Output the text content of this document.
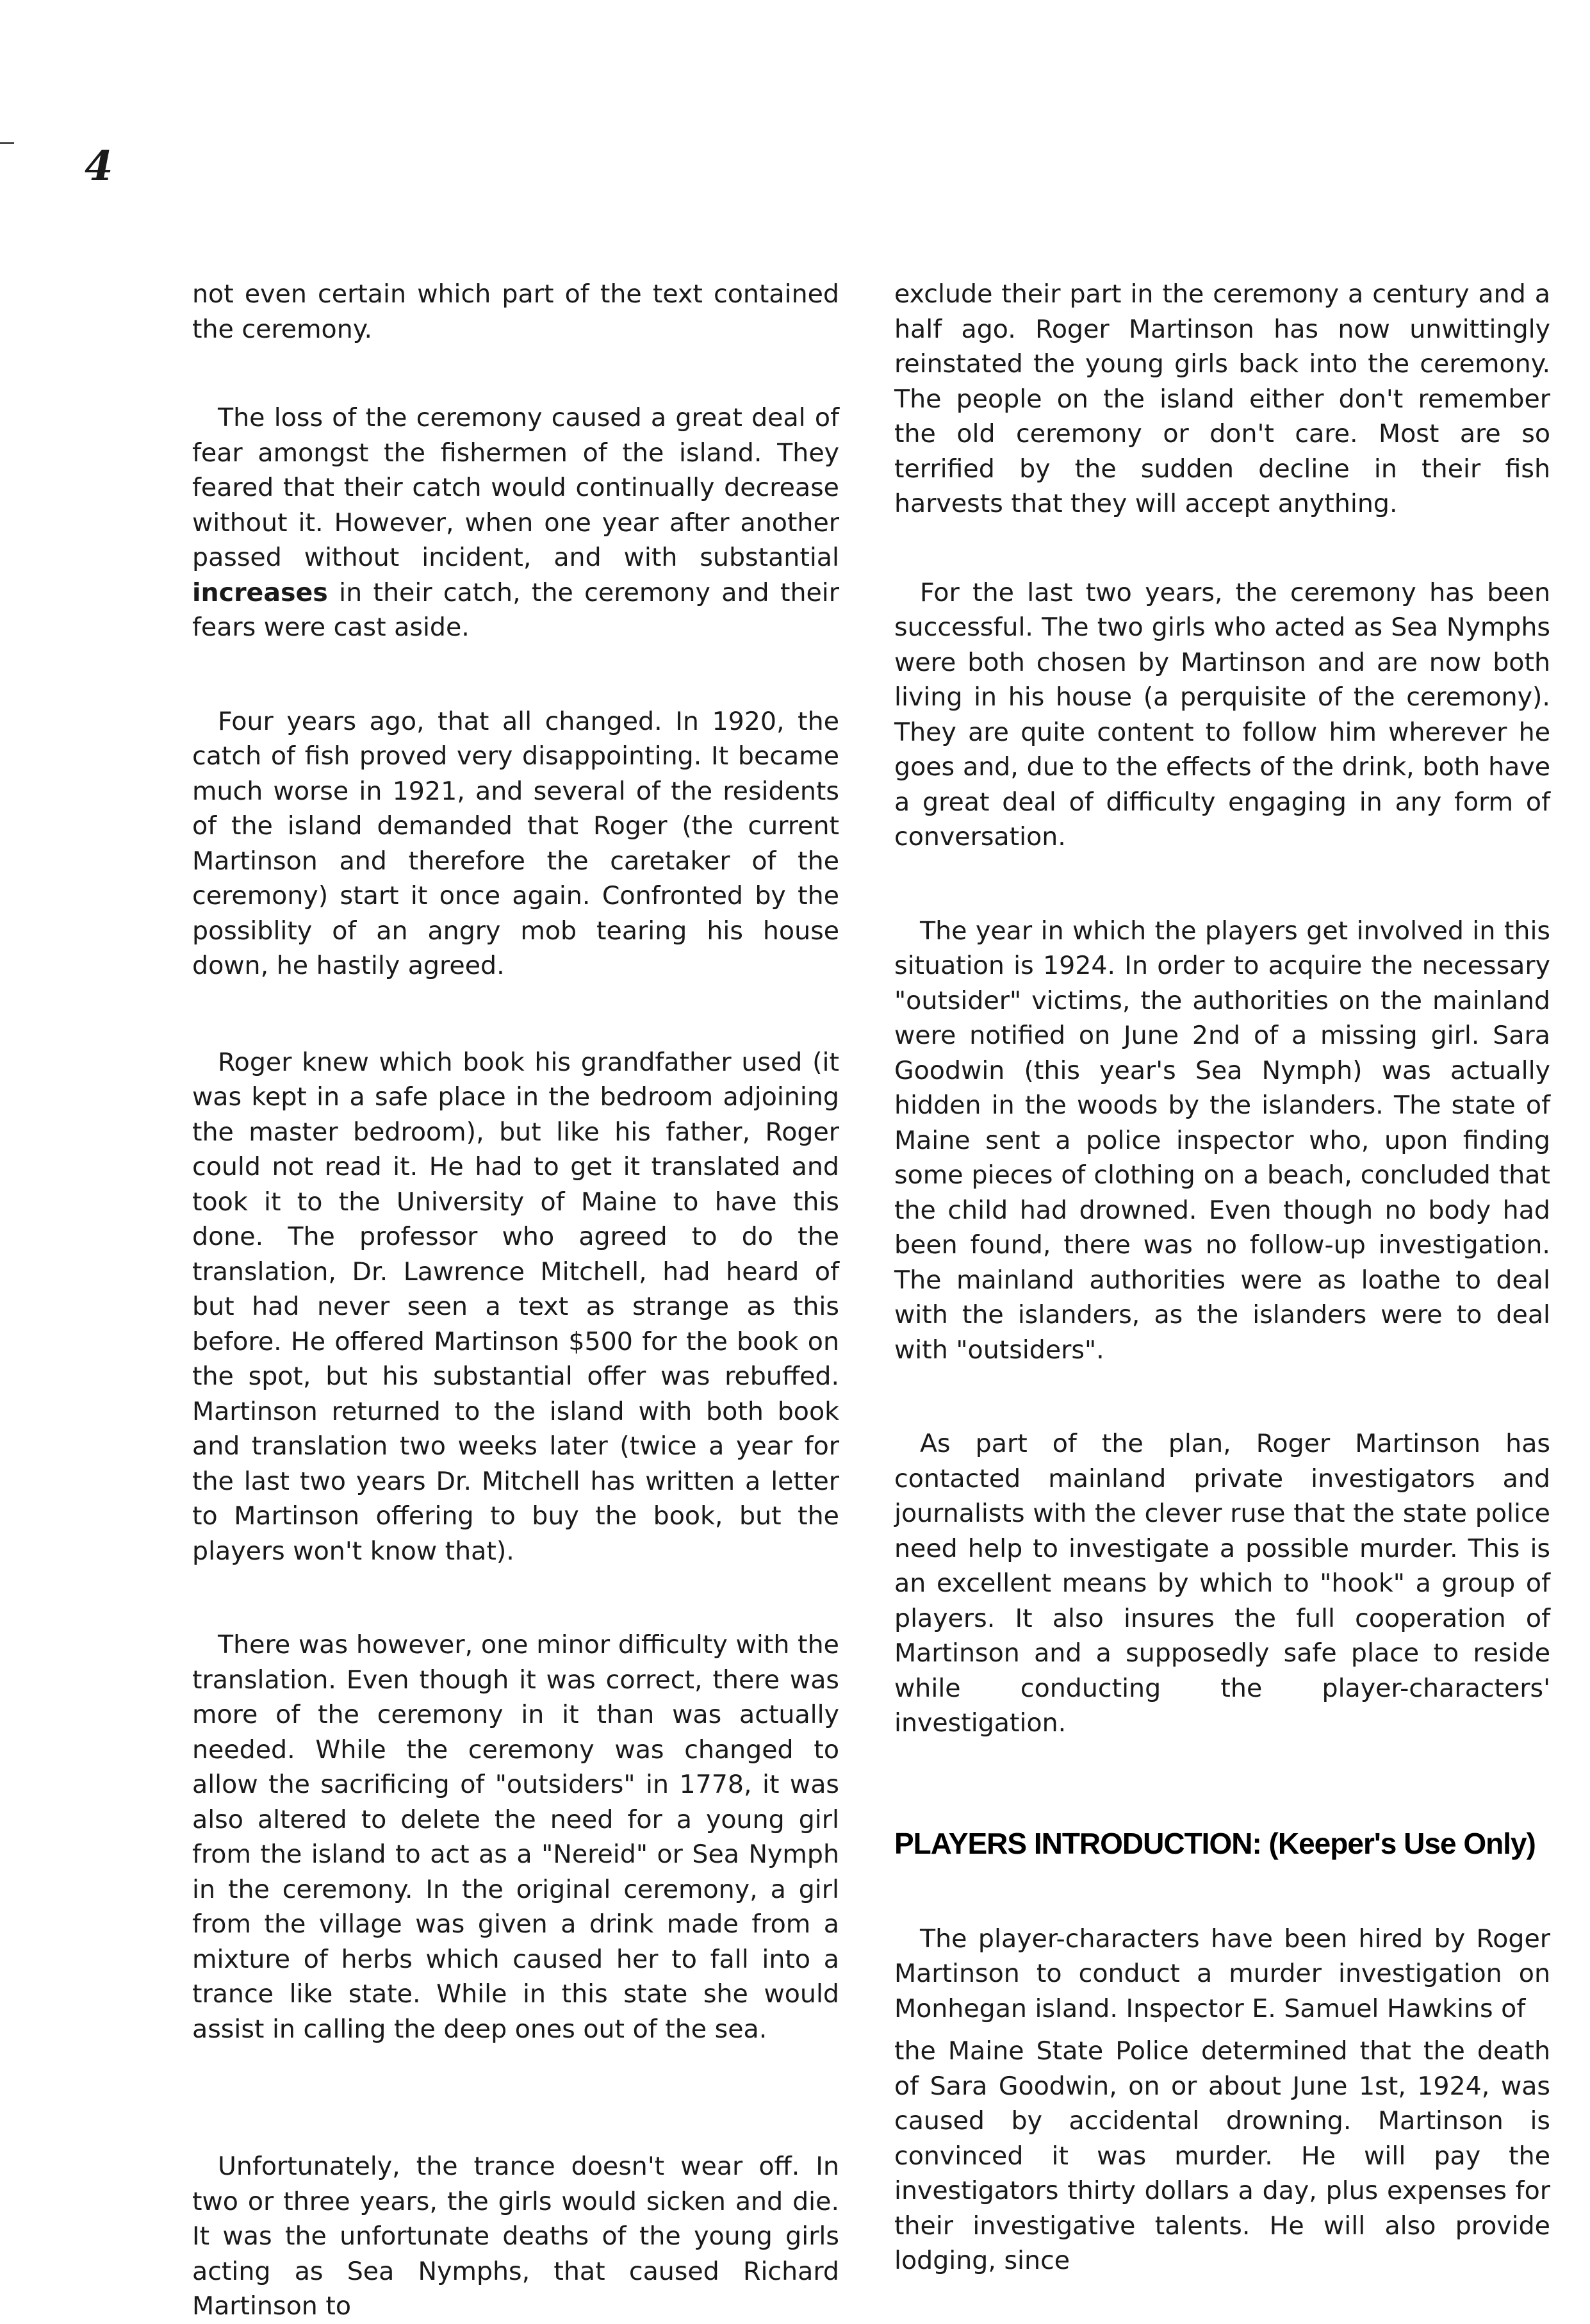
4

not even certain which part of the text contained the ceremony.

The loss of the ceremony caused a great deal of fear amongst the fishermen of the island. They feared that their catch would continually decrease without it. However, when one year after another passed without incident, and with substantial increases in their catch, the ceremony and their fears were cast aside.

Four years ago, that all changed. In 1920, the catch of fish proved very disappointing. It became much worse in 1921, and several of the residents of the island demanded that Roger (the current Martinson and therefore the caretaker of the ceremony) start it once again. Confronted by the possiblity of an angry mob tearing his house down, he hastily agreed.

Roger knew which book his grandfather used (it was kept in a safe place in the bedroom adjoining the master bedroom), but like his father, Roger could not read it. He had to get it translated and took it to the University of Maine to have this done. The professor who agreed to do the translation, Dr. Lawrence Mitchell, had heard of but had never seen a text as strange as this before. He offered Martinson $500 for the book on the spot, but his substantial offer was rebuffed. Martinson returned to the island with both book and translation two weeks later (twice a year for the last two years Dr. Mitchell has written a letter to Martinson offering to buy the book, but the players won't know that).

There was however, one minor difficulty with the translation. Even though it was correct, there was more of the ceremony in it than was actually needed. While the ceremony was changed to allow the sacrificing of "outsiders" in 1778, it was also altered to delete the need for a young girl from the island to act as a "Nereid" or Sea Nymph in the ceremony. In the original ceremony, a girl from the village was given a drink made from a mixture of herbs which caused her to fall into a trance like state. While in this state she would assist in calling the deep ones out of the sea.

Unfortunately, the trance doesn't wear off. In two or three years, the girls would sicken and die. It was the unfortunate deaths of the young girls acting as Sea Nymphs, that caused Richard Martinson to

exclude their part in the ceremony a century and a half ago. Roger Martinson has now unwittingly reinstated the young girls back into the ceremony. The people on the island either don't remember the old ceremony or don't care. Most are so terrified by the sudden decline in their fish harvests that they will accept anything.

For the last two years, the ceremony has been successful. The two girls who acted as Sea Nymphs were both chosen by Martinson and are now both living in his house (a perquisite of the ceremony). They are quite content to follow him wherever he goes and, due to the effects of the drink, both have a great deal of difficulty engaging in any form of conversation.

The year in which the players get involved in this situation is 1924. In order to acquire the necessary "outsider" victims, the authorities on the mainland were notified on June 2nd of a missing girl. Sara Goodwin (this year's Sea Nymph) was actually hidden in the woods by the islanders. The state of Maine sent a police inspector who, upon finding some pieces of clothing on a beach, concluded that the child had drowned. Even though no body had been found, there was no follow-up investigation. The mainland authorities were as loathe to deal with the islanders, as the islanders were to deal with "outsiders".

As part of the plan, Roger Martinson has contacted mainland private investigators and journalists with the clever ruse that the state police need help to investigate a possible murder. This is an excellent means by which to "hook" a group of players. It also insures the full cooperation of Martinson and a supposedly safe place to reside while conducting the player-characters' investigation.

PLAYERS INTRODUCTION: (Keeper's Use Only)

The player-characters have been hired by Roger Martinson to conduct a murder investigation on Monhegan island. Inspector E. Samuel Hawkins of

the Maine State Police determined that the death of Sara Goodwin, on or about June 1st, 1924, was caused by accidental drowning. Martinson is convinced it was murder. He will pay the investigators thirty dollars a day, plus expenses for their investigative talents. He will also provide lodging, since
